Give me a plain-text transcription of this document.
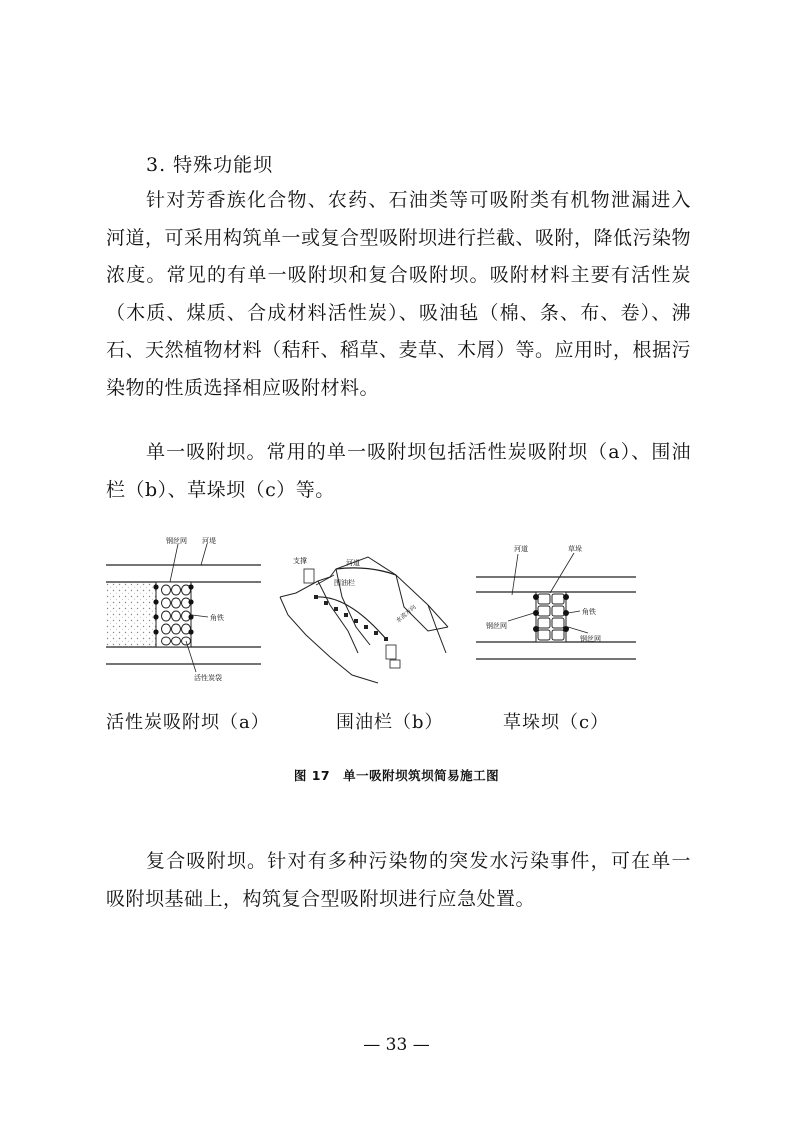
3. 特殊功能坝
针对芳香族化合物、农药、石油类等可吸附类有机物泄漏进入河道，可采用构筑单一或复合型吸附坝进行拦截、吸附，降低污染物浓度。常见的有单一吸附坝和复合吸附坝。吸附材料主要有活性炭（木质、煤质、合成材料活性炭）、吸油毡（棉、条、布、卷）、沸石、天然植物材料（秸秆、稻草、麦草、木屑）等。应用时，根据污染物的性质选择相应吸附材料。
单一吸附坝。常用的单一吸附坝包括活性炭吸附坝（a）、围油栏（b）、草垛坝（c）等。
钢丝网 河堤
角铁
活性炭袋
活性炭吸附坝（a）
支撑	河道
围油栏
水流方向
围油栏（b）
河道	草垛
角铁
钢丝网
钢丝网
草垛坝（c）
图 17　单一吸附坝筑坝简易施工图
复合吸附坝。针对有多种污染物的突发水污染事件，可在单一吸附坝基础上，构筑复合型吸附坝进行应急处置。
— 33 —
